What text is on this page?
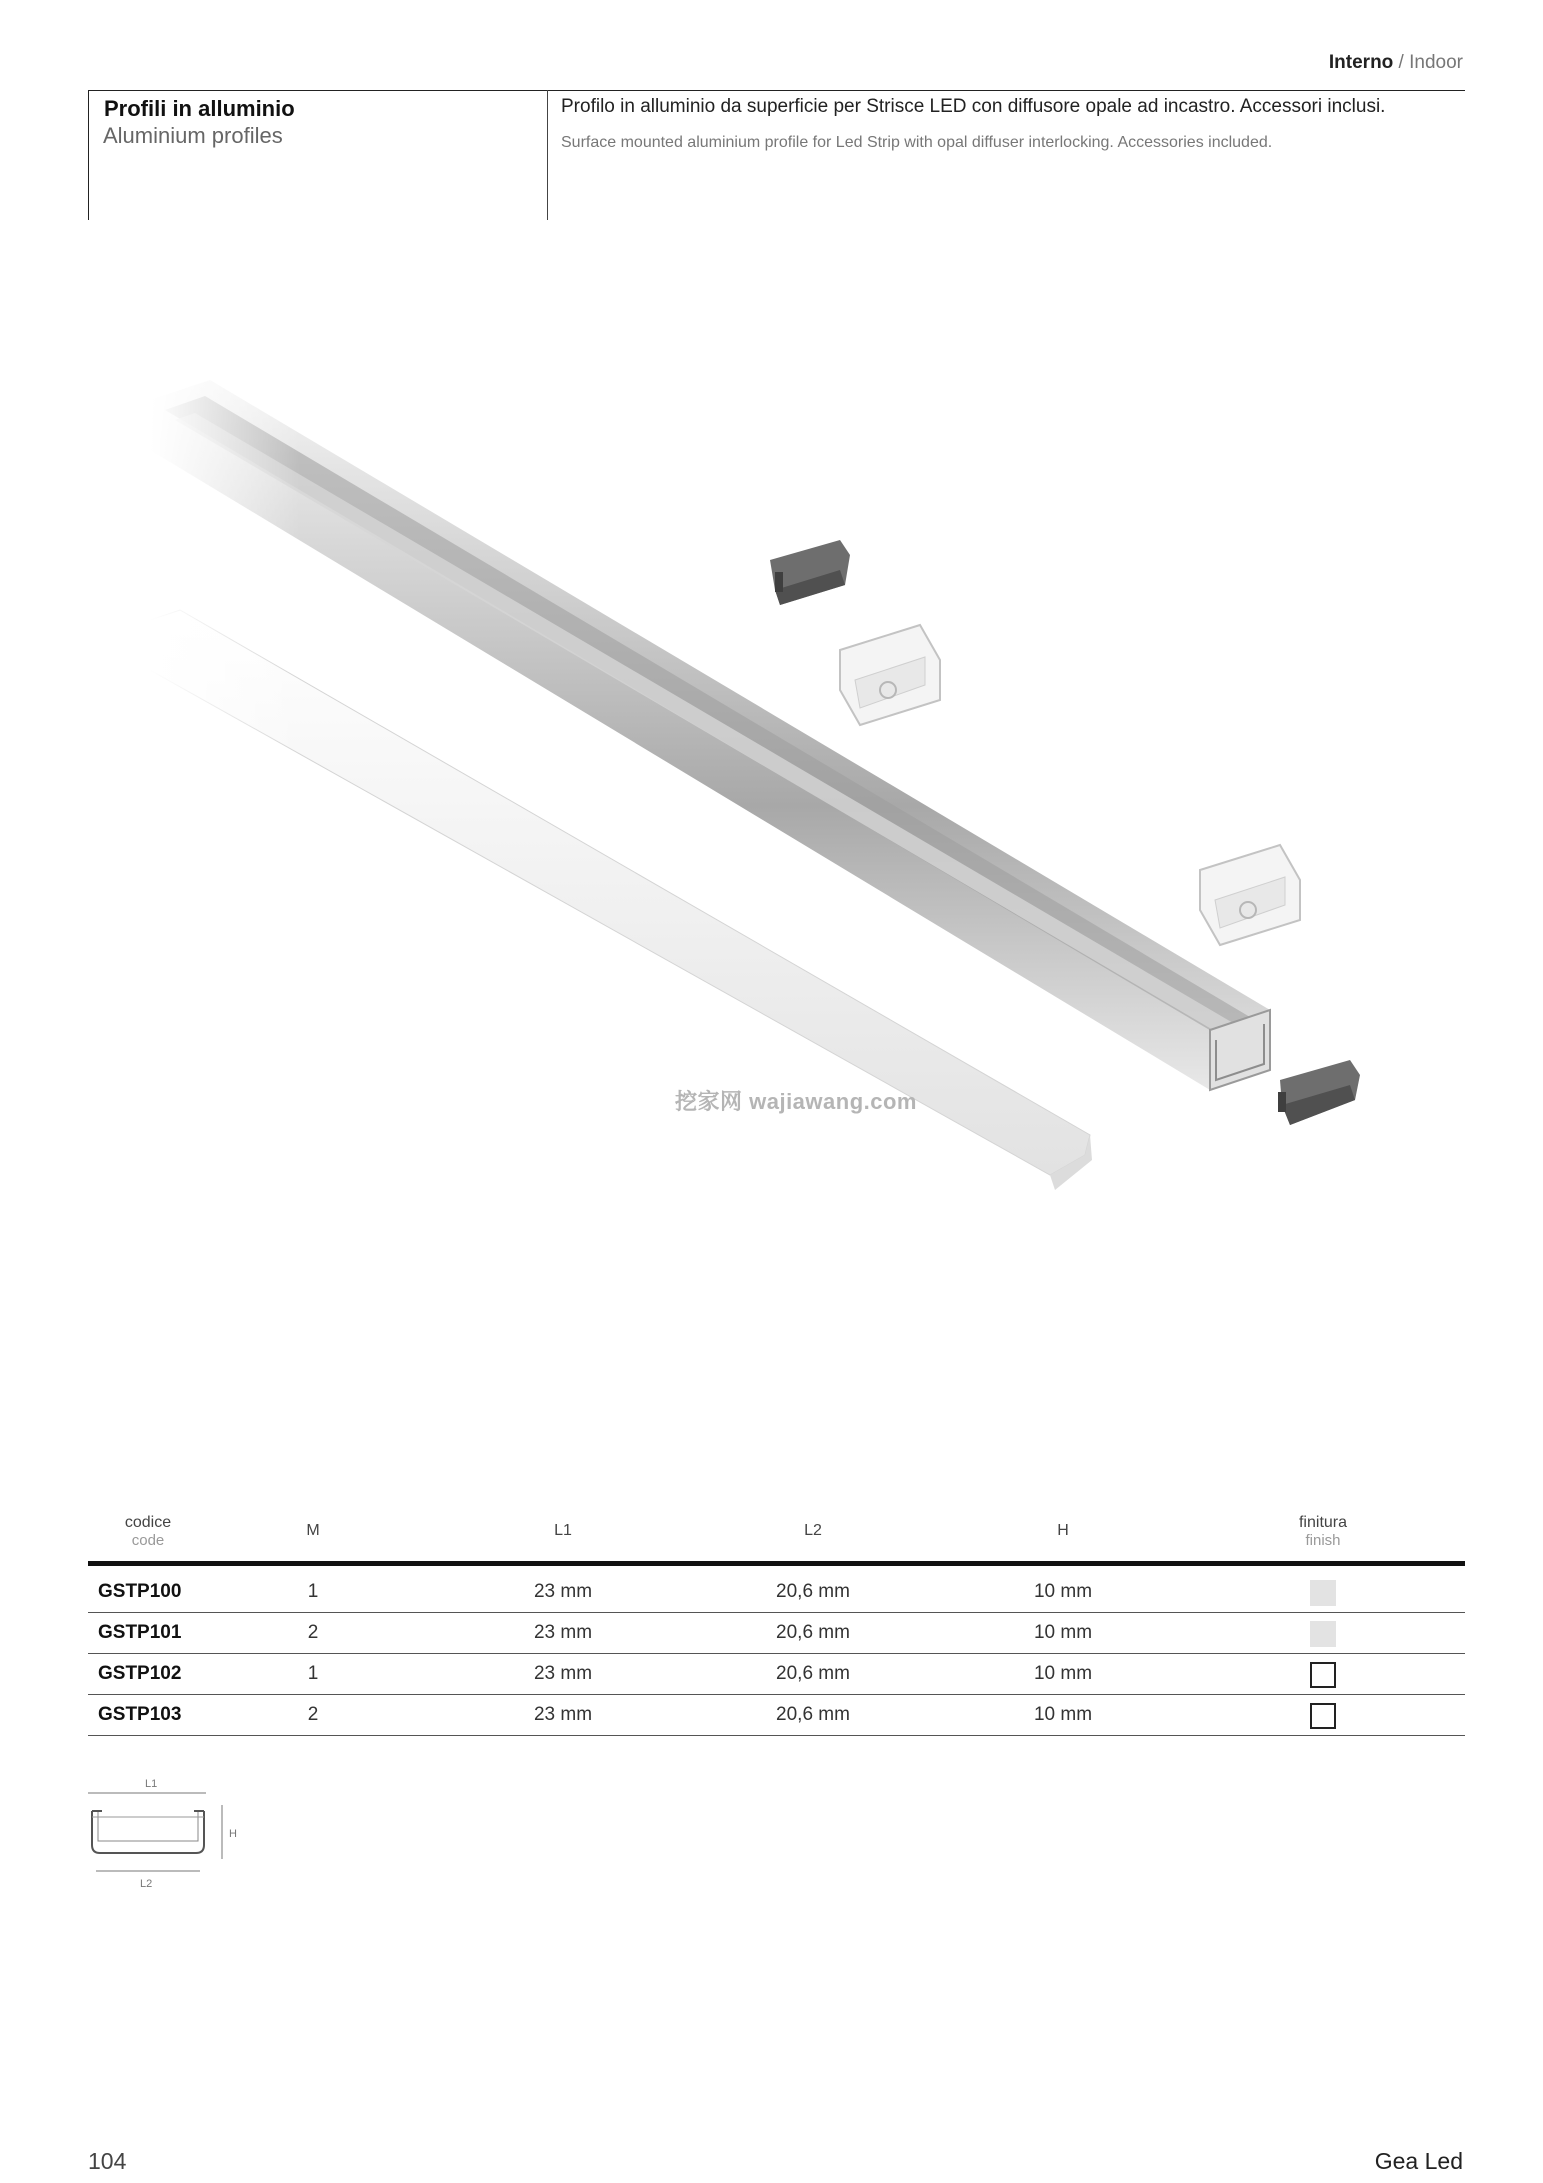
Interno / Indoor
Profili in alluminio
Aluminium profiles
Profilo in alluminio da superficie per Strisce LED con diffusore opale ad incastro. Accessori inclusi.
Surface mounted aluminium profile for Led Strip with opal diffuser interlocking. Accessories included.
挖家网 wajiawang.com
codice
code
M	L1	L2	H	finitura
finish
GSTP100	1	23 mm	20,6 mm	10 mm
GSTP101	2	23 mm	20,6 mm	10 mm
GSTP102	1	23 mm	20,6 mm	10 mm
GSTP103	2	23 mm	20,6 mm	10 mm
L1
H
L2
104	Gea Led
